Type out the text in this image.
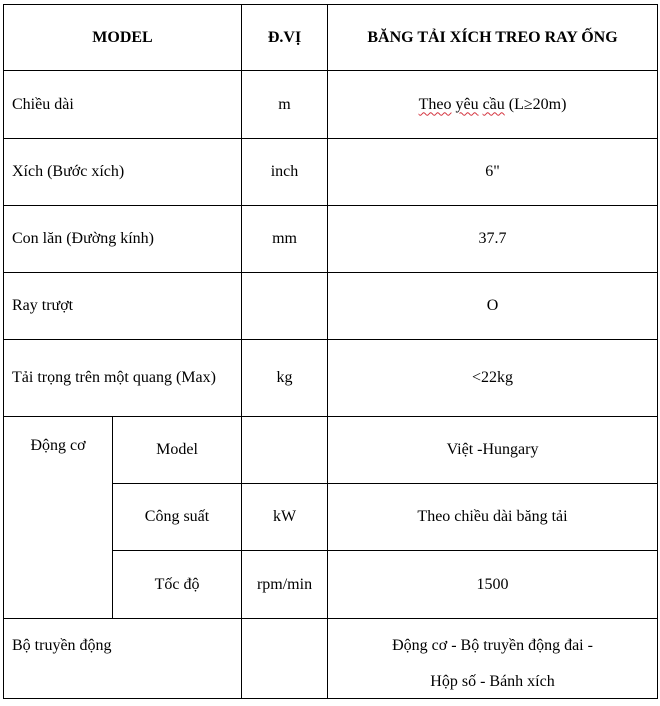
MODEL		Đ.VỊ	BĂNG TẢI XÍCH TREO RAY ỐNG
Chiều dài		m	Theo yêu cầu (L≥20m)
Xích (Bước xích)		inch	6"
Con lăn (Đường kính)		mm	37.7
Ray trượt			O
Tải trọng trên một quang (Max)		kg	<22kg
Động cơ	Model		Việt -Hungary
	Công suất	kW	Theo chiều dài băng tải
	Tốc độ	rpm/min	1500
Bộ truyền động			Động cơ - Bộ truyền động đai -
Hộp số - Bánh xích
